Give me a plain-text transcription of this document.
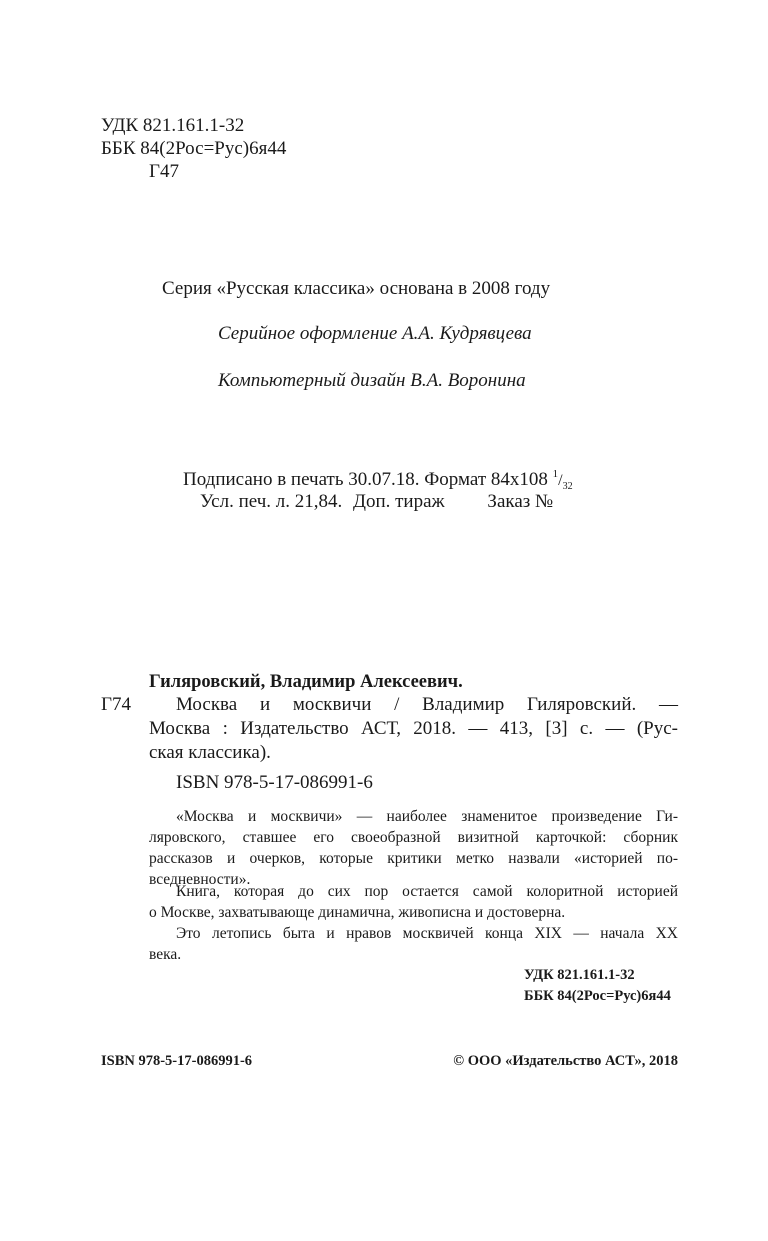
УДК 821.161.1-32
ББК 84(2Рос=Рус)6я44
Г47
Серия «Русская классика» основана в 2008 году
Серийное оформление А.А. Кудрявцева
Компьютерный дизайн В.А. Воронина
Подписано в печать 30.07.18. Формат 84x108 $^1/_{32}$
Усл. печ. л. 21,84. Доп. тираж Заказ №
Гиляровский, Владимир Алексеевич.
Г74 Москва и москвичи / Владимир Гиляровский. —
Москва : Издательство АСТ, 2018. — 413, [3] с. — (Рус-
ская классика).
ISBN 978-5-17-086991-6
«Москва и москвичи» — наиболее знаменитое произведение Ги-
ляровского, ставшее его своеобразной визитной карточкой: сборник
рассказов и очерков, которые критики метко назвали «историей по-
вседневности».
Книга, которая до сих пор остается самой колоритной историей
о Москве, захватывающе динамична, живописна и достоверна.
Это летопись быта и нравов москвичей конца XIX — начала XX
века.
УДК 821.161.1-32
ББК 84(2Рос=Рус)6я44
ISBN 978-5-17-086991-6	© ООО «Издательство АСТ», 2018
